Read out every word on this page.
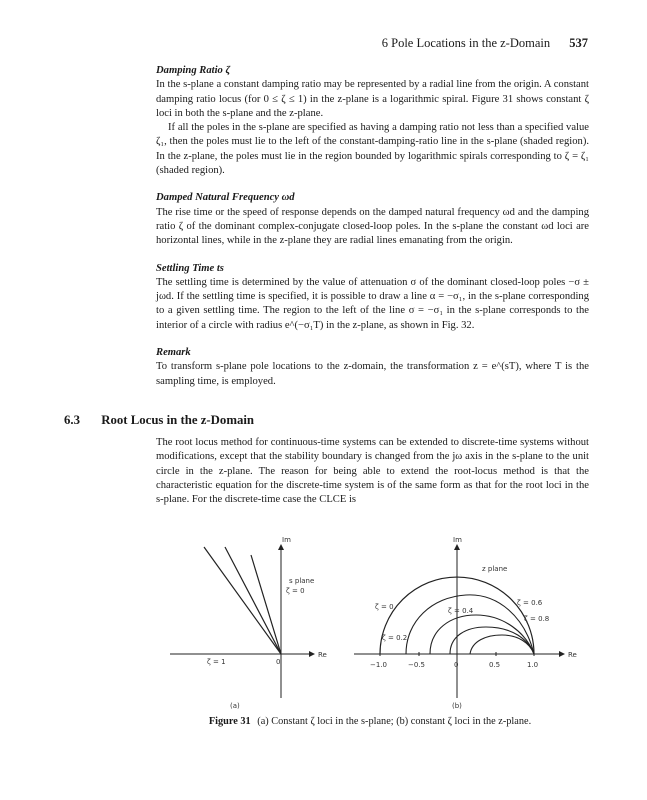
6 Pole Locations in the z-Domain 537

Damping Ratio ζ

In the s-plane a constant damping ratio may be represented by a radial line from the origin. A constant damping ratio locus (for 0 ≤ ζ ≤ 1) in the z-plane is a logarithmic spiral. Figure 31 shows constant ζ loci in both the s-plane and the z-plane.

If all the poles in the s-plane are specified as having a damping ratio not less than a specified value ζ₁, then the poles must lie to the left of the constant-damping-ratio line in the s-plane (shaded region). In the z-plane, the poles must lie in the region bounded by logarithmic spirals corresponding to ζ = ζ₁ (shaded region).

Damped Natural Frequency ωd

The rise time or the speed of response depends on the damped natural frequency ωd and the damping ratio ζ of the dominant complex-conjugate closed-loop poles. In the s-plane the constant ωd loci are horizontal lines, while in the z-plane they are radial lines emanating from the origin.

Settling Time ts

The settling time is determined by the value of attenuation σ of the dominant closed-loop poles −σ ± jωd. If the settling time is specified, it is possible to draw a line α = −σ₁, in the s-plane corresponding to a given settling time. The region to the left of the line σ = −σ₁ in the s-plane corresponds to the interior of a circle with radius e^(−σ₁T) in the z-plane, as shown in Fig. 32.

Remark

To transform s-plane pole locations to the z-domain, the transformation z = e^(sT), where T is the sampling time, is employed.

6.3 Root Locus in the z-Domain

The root locus method for continuous-time systems can be extended to discrete-time systems without modifications, except that the stability boundary is changed from the jω axis in the s-plane to the unit circle in the z-plane. The reason for being able to extend the root-locus method is that the characteristic equation for the discrete-time system is of the same form as that for the root loci in the s-plane. For the discrete-time case the CLCE is

Im
s plane
ζ = 0
ζ = 1	0
Re
(a)
Im
z plane
ζ = 0	ζ = 0.4
ζ = 0.2
ζ = 0.6
ζ = 0.8
−1.0	−0.5	0	0.5	1.0
Re
(b)
Figure 31 (a) Constant ζ loci in the s-plane; (b) constant ζ loci in the z-plane.
